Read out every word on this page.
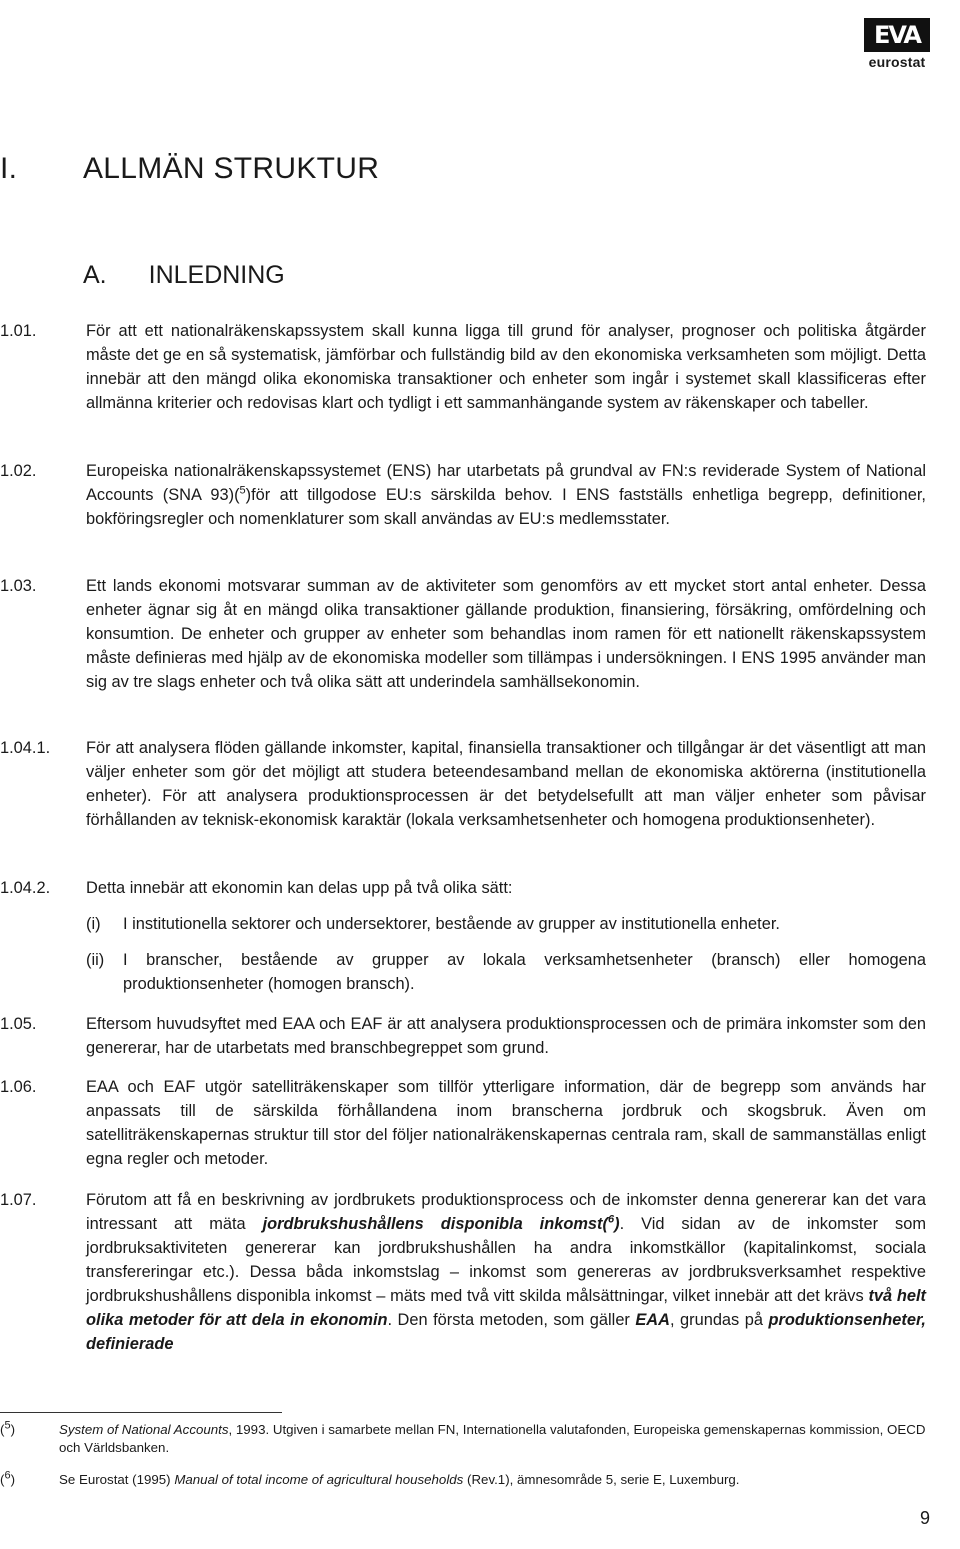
EVA
eurostat
I. ALLMÄN STRUKTUR
A. INLEDNING
1.01.	För att ett nationalräkenskapssystem skall kunna ligga till grund för analyser, prognoser och politiska åtgärder måste det ge en så systematisk, jämförbar och fullständig bild av den ekonomiska verksamheten som möjligt. Detta innebär att den mängd olika ekonomiska transaktioner och enheter som ingår i systemet skall klassificeras efter allmänna kriterier och redovisas klart och tydligt i ett sammanhängande system av räkenskaper och tabeller.
1.02.	Europeiska nationalräkenskapssystemet (ENS) har utarbetats på grundval av FN:s reviderade System of National Accounts (SNA 93)($^5$)för att tillgodose EU:s särskilda behov. I ENS fastställs enhetliga begrepp, definitioner, bokföringsregler och nomenklaturer som skall användas av EU:s medlemsstater.
1.03.	Ett lands ekonomi motsvarar summan av de aktiviteter som genomförs av ett mycket stort antal enheter. Dessa enheter ägnar sig åt en mängd olika transaktioner gällande produktion, finansiering, försäkring, omfördelning och konsumtion. De enheter och grupper av enheter som behandlas inom ramen för ett nationellt räkenskapssystem måste definieras med hjälp av de ekonomiska modeller som tillämpas i undersökningen. I ENS 1995 använder man sig av tre slags enheter och två olika sätt att underindela samhällsekonomin.
1.04.1. För att analysera flöden gällande inkomster, kapital, finansiella transaktioner och tillgångar är det väsentligt att man väljer enheter som gör det möjligt att studera beteendesamband mellan de ekonomiska aktörerna (institutionella enheter). För att analysera produktionsprocessen är det betydelsefullt att man väljer enheter som påvisar förhållanden av teknisk-ekonomisk karaktär (lokala verksamhetsenheter och homogena produktionsenheter).
1.04.2. Detta innebär att ekonomin kan delas upp på två olika sätt:
(i) I institutionella sektorer och undersektorer, bestående av grupper av institutionella enheter.
(ii) I branscher, bestående av grupper av lokala verksamhetsenheter (bransch) eller homogena produktionsenheter (homogen bransch).
1.05.	Eftersom huvudsyftet med EAA och EAF är att analysera produktionsprocessen och de primära inkomster som den genererar, har de utarbetats med branschbegreppet som grund.
1.06.	EAA och EAF utgör satelliträkenskaper som tillför ytterligare information, där de begrepp som används har anpassats till de särskilda förhållandena inom branscherna jordbruk och skogsbruk. Även om satelliträkenskapernas struktur till stor del följer nationalräkenskapernas centrala ram, skall de sammanställas enligt egna regler och metoder.
1.07.	Förutom att få en beskrivning av jordbrukets produktionsprocess och de inkomster denna genererar kan det vara intressant att mäta jordbrukshushållens disponibla inkomst($^6$). Vid sidan av de inkomster som jordbruksaktiviteten genererar kan jordbrukshushållen ha andra inkomstkällor (kapitalinkomst, sociala transfereringar etc.). Dessa båda inkomstslag – inkomst som genereras av jordbruksverksamhet respektive jordbrukshushållens disponibla inkomst – mäts med två vitt skilda målsättningar, vilket innebär att det krävs två helt olika metoder för att dela in ekonomin. Den första metoden, som gäller EAA, grundas på produktionsenheter, definierade
($^5$)	System of National Accounts, 1993. Utgiven i samarbete mellan FN, Internationella valutafonden, Europeiska gemenskapernas kommission, OECD och Världsbanken.
($^6$)	Se Eurostat (1995) Manual of total income of agricultural households (Rev.1), ämnesområde 5, serie E, Luxemburg.
9
